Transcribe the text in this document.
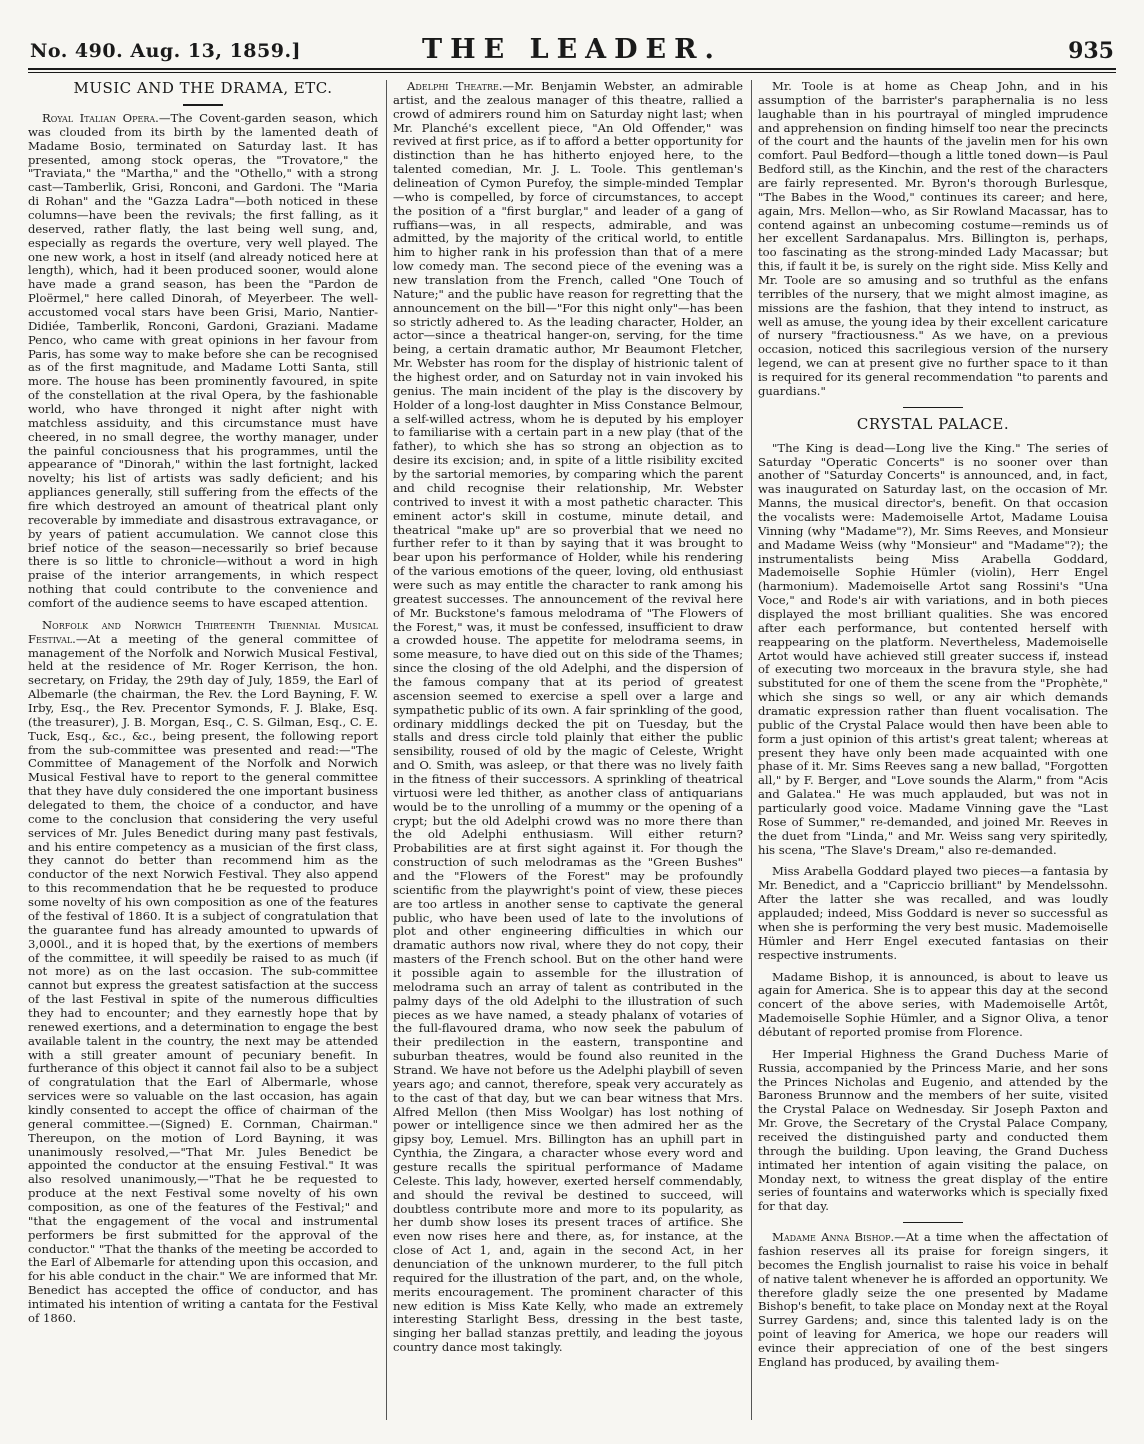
No. 490. Aug. 13, 1859.]	THE LEADER.	935
MUSIC AND THE DRAMA, ETC.

Royal Italian Opera.—The Covent-garden season, which was clouded from its birth by the lamented death of Madame Bosio, terminated on Saturday last. It has presented, among stock operas, the "Trovatore," the "Traviata," the "Martha," and the "Othello," with a strong cast—Tamberlik, Grisi, Ronconi, and Gardoni. The "Maria di Rohan" and the "Gazza Ladra"—both noticed in these columns—have been the revivals; the first falling, as it deserved, rather flatly, the last being well sung, and, especially as regards the overture, very well played. The one new work, a host in itself (and already noticed here at length), which, had it been produced sooner, would alone have made a grand season, has been the "Pardon de Ploërmel," here called Dinorah, of Meyerbeer. The well-accustomed vocal stars have been Grisi, Mario, Nantier-Didiée, Tamberlik, Ronconi, Gardoni, Graziani. Madame Penco, who came with great opinions in her favour from Paris, has some way to make before she can be recognised as of the first magnitude, and Madame Lotti Santa, still more. The house has been prominently favoured, in spite of the constellation at the rival Opera, by the fashionable world, who have thronged it night after night with matchless assiduity, and this circumstance must have cheered, in no small degree, the worthy manager, under the painful conciousness that his programmes, until the appearance of "Dinorah," within the last fortnight, lacked novelty; his list of artists was sadly deficient; and his appliances generally, still suffering from the effects of the fire which destroyed an amount of theatrical plant only recoverable by immediate and disastrous extravagance, or by years of patient accumulation. We cannot close this brief notice of the season—necessarily so brief because there is so little to chronicle—without a word in high praise of the interior arrangements, in which respect nothing that could contribute to the convenience and comfort of the audience seems to have escaped attention.

Norfolk and Norwich Thirteenth Triennial Musical Festival.—At a meeting of the general committee of management of the Norfolk and Norwich Musical Festival, held at the residence of Mr. Roger Kerrison, the hon. secretary, on Friday, the 29th day of July, 1859, the Earl of Albemarle (the chairman, the Rev. the Lord Bayning, F. W. Irby, Esq., the Rev. Precentor Symonds, F. J. Blake, Esq. (the treasurer), J. B. Morgan, Esq., C. S. Gilman, Esq., C. E. Tuck, Esq., &c., &c., being present, the following report from the sub-committee was presented and read:—"The Committee of Management of the Norfolk and Norwich Musical Festival have to report to the general committee that they have duly considered the one important business delegated to them, the choice of a conductor, and have come to the conclusion that considering the very useful services of Mr. Jules Benedict during many past festivals, and his entire competency as a musician of the first class, they cannot do better than recommend him as the conductor of the next Norwich Festival. They also append to this recommendation that he be requested to produce some novelty of his own composition as one of the features of the festival of 1860. It is a subject of congratulation that the guarantee fund has already amounted to upwards of 3,000l., and it is hoped that, by the exertions of members of the committee, it will speedily be raised to as much (if not more) as on the last occasion. The sub-committee cannot but express the greatest satisfaction at the success of the last Festival in spite of the numerous difficulties they had to encounter; and they earnestly hope that by renewed exertions, and a determination to engage the best available talent in the country, the next may be attended with a still greater amount of pecuniary benefit. In furtherance of this object it cannot fail also to be a subject of congratulation that the Earl of Albermarle, whose services were so valuable on the last occasion, has again kindly consented to accept the office of chairman of the general committee.—(Signed) E. Cornman, Chairman." Thereupon, on the motion of Lord Bayning, it was unanimously resolved,—"That Mr. Jules Benedict be appointed the conductor at the ensuing Festival." It was also resolved unanimously,—"That he be requested to produce at the next Festival some novelty of his own composition, as one of the features of the Festival;" and "that the engagement of the vocal and instrumental performers be first submitted for the approval of the conductor." "That the thanks of the meeting be accorded to the Earl of Albemarle for attending upon this occasion, and for his able conduct in the chair." We are informed that Mr. Benedict has accepted the office of conductor, and has intimated his intention of writing a cantata for the Festival of 1860.

Adelphi Theatre.—Mr. Benjamin Webster, an admirable artist, and the zealous manager of this theatre, rallied a crowd of admirers round him on Saturday night last; when Mr. Planché's excellent piece, "An Old Offender," was revived at first price, as if to afford a better opportunity for distinction than he has hitherto enjoyed here, to the talented comedian, Mr. J. L. Toole. This gentleman's delineation of Cymon Purefoy, the simple-minded Templar—who is compelled, by force of circumstances, to accept the position of a "first burglar," and leader of a gang of ruffians—was, in all respects, admirable, and was admitted, by the majority of the critical world, to entitle him to higher rank in his profession than that of a mere low comedy man. The second piece of the evening was a new translation from the French, called "One Touch of Nature;" and the public have reason for regretting that the announcement on the bill—"For this night only"—has been so strictly adhered to. As the leading character, Holder, an actor—since a theatrical hanger-on, serving, for the time being, a certain dramatic author, Mr Beaumont Fletcher, Mr. Webster has room for the display of histrionic talent of the highest order, and on Saturday not in vain invoked his genius. The main incident of the play is the discovery by Holder of a long-lost daughter in Miss Constance Belmour, a self-willed actress, whom he is deputed by his employer to familiarise with a certain part in a new play (that of the father), to which she has so strong an objection as to desire its excision; and, in spite of a little risibility excited by the sartorial memories, by comparing which the parent and child recognise their relationship, Mr. Webster contrived to invest it with a most pathetic character. This eminent actor's skill in costume, minute detail, and theatrical "make up" are so proverbial that we need no further refer to it than by saying that it was brought to bear upon his performance of Holder, while his rendering of the various emotions of the queer, loving, old enthusiast were such as may entitle the character to rank among his greatest successes. The announcement of the revival here of Mr. Buckstone's famous melodrama of "The Flowers of the Forest," was, it must be confessed, insufficient to draw a crowded house. The appetite for melodrama seems, in some measure, to have died out on this side of the Thames; since the closing of the old Adelphi, and the dispersion of the famous company that at its period of greatest ascension seemed to exercise a spell over a large and sympathetic public of its own. A fair sprinkling of the good, ordinary middlings decked the pit on Tuesday, but the stalls and dress circle told plainly that either the public sensibility, roused of old by the magic of Celeste, Wright and O. Smith, was asleep, or that there was no lively faith in the fitness of their successors. A sprinkling of theatrical virtuosi were led thither, as another class of antiquarians would be to the unrolling of a mummy or the opening of a crypt; but the old Adelphi crowd was no more there than the old Adelphi enthusiasm. Will either return? Probabilities are at first sight against it. For though the construction of such melodramas as the "Green Bushes" and the "Flowers of the Forest" may be profoundly scientific from the playwright's point of view, these pieces are too artless in another sense to captivate the general public, who have been used of late to the involutions of plot and other engineering difficulties in which our dramatic authors now rival, where they do not copy, their masters of the French school. But on the other hand were it possible again to assemble for the illustration of melodrama such an array of talent as contributed in the palmy days of the old Adelphi to the illustration of such pieces as we have named, a steady phalanx of votaries of the full-flavoured drama, who now seek the pabulum of their predilection in the eastern, transpontine and suburban theatres, would be found also reunited in the Strand. We have not before us the Adelphi playbill of seven years ago; and cannot, therefore, speak very accurately as to the cast of that day, but we can bear witness that Mrs. Alfred Mellon (then Miss Woolgar) has lost nothing of power or intelligence since we then admired her as the gipsy boy, Lemuel. Mrs. Billington has an uphill part in Cynthia, the Zingara, a character whose every word and gesture recalls the spiritual performance of Madame Celeste. This lady, however, exerted herself commendably, and should the revival be destined to succeed, will doubtless contribute more and more to its popularity, as her dumb show loses its present traces of artifice. She even now rises here and there, as, for instance, at the close of Act 1, and, again in the second Act, in her denunciation of the unknown murderer, to the full pitch required for the illustration of the part, and, on the whole, merits encouragement. The prominent character of this new edition is Miss Kate Kelly, who made an extremely interesting Starlight Bess, dressing in the best taste, singing her ballad stanzas prettily, and leading the joyous country dance most takingly.

Mr. Toole is at home as Cheap John, and in his assumption of the barrister's paraphernalia is no less laughable than in his pourtrayal of mingled imprudence and apprehension on finding himself too near the precincts of the court and the haunts of the javelin men for his own comfort. Paul Bedford—though a little toned down—is Paul Bedford still, as the Kinchin, and the rest of the characters are fairly represented. Mr. Byron's thorough Burlesque, "The Babes in the Wood," continues its career; and here, again, Mrs. Mellon—who, as Sir Rowland Macassar, has to contend against an unbecoming costume—reminds us of her excellent Sardanapalus. Mrs. Billington is, perhaps, too fascinating as the strong-minded Lady Macassar; but this, if fault it be, is surely on the right side. Miss Kelly and Mr. Toole are so amusing and so truthful as the enfans terribles of the nursery, that we might almost imagine, as missions are the fashion, that they intend to instruct, as well as amuse, the young idea by their excellent caricature of nursery "fractiousness." As we have, on a previous occasion, noticed this sacrilegious version of the nursery legend, we can at present give no further space to it than is required for its general recommendation "to parents and guardians."

CRYSTAL PALACE.

"The King is dead—Long live the King." The series of Saturday "Operatic Concerts" is no sooner over than another of "Saturday Concerts" is announced, and, in fact, was inaugurated on Saturday last, on the occasion of Mr. Manns, the musical director's, benefit. On that occasion the vocalists were: Mademoiselle Artot, Madame Louisa Vinning (why "Madame"?), Mr. Sims Reeves, and Monsieur and Madame Weiss (why "Monsieur" and "Madame"?); the instrumentalists being Miss Arabella Goddard, Mademoiselle Sophie Hümler (violin), Herr Engel (harmonium). Mademoiselle Artot sang Rossini's "Una Voce," and Rode's air with variations, and in both pieces displayed the most brilliant qualities. She was encored after each performance, but contented herself with reappearing on the platform. Nevertheless, Mademoiselle Artot would have achieved still greater success if, instead of executing two morceaux in the bravura style, she had substituted for one of them the scene from the "Prophète," which she sings so well, or any air which demands dramatic expression rather than fluent vocalisation. The public of the Crystal Palace would then have been able to form a just opinion of this artist's great talent; whereas at present they have only been made acquainted with one phase of it. Mr. Sims Reeves sang a new ballad, "Forgotten all," by F. Berger, and "Love sounds the Alarm," from "Acis and Galatea." He was much applauded, but was not in particularly good voice. Madame Vinning gave the "Last Rose of Summer," re-demanded, and joined Mr. Reeves in the duet from "Linda," and Mr. Weiss sang very spiritedly, his scena, "The Slave's Dream," also re-demanded.

Miss Arabella Goddard played two pieces—a fantasia by Mr. Benedict, and a "Capriccio brilliant" by Mendelssohn. After the latter she was recalled, and was loudly applauded; indeed, Miss Goddard is never so successful as when she is performing the very best music. Mademoiselle Hümler and Herr Engel executed fantasias on their respective instruments.

Madame Bishop, it is announced, is about to leave us again for America. She is to appear this day at the second concert of the above series, with Mademoiselle Artôt, Mademoiselle Sophie Hümler, and a Signor Oliva, a tenor débutant of reported promise from Florence.

Her Imperial Highness the Grand Duchess Marie of Russia, accompanied by the Princess Marie, and her sons the Princes Nicholas and Eugenio, and attended by the Baroness Brunnow and the members of her suite, visited the Crystal Palace on Wednesday. Sir Joseph Paxton and Mr. Grove, the Secretary of the Crystal Palace Company, received the distinguished party and conducted them through the building. Upon leaving, the Grand Duchess intimated her intention of again visiting the palace, on Monday next, to witness the great display of the entire series of fountains and waterworks which is specially fixed for that day.

Madame Anna Bishop.—At a time when the affectation of fashion reserves all its praise for foreign singers, it becomes the English journalist to raise his voice in behalf of native talent whenever he is afforded an opportunity. We therefore gladly seize the one presented by Madame Bishop's benefit, to take place on Monday next at the Royal Surrey Gardens; and, since this talented lady is on the point of leaving for America, we hope our readers will evince their appreciation of one of the best singers England has produced, by availing them-
